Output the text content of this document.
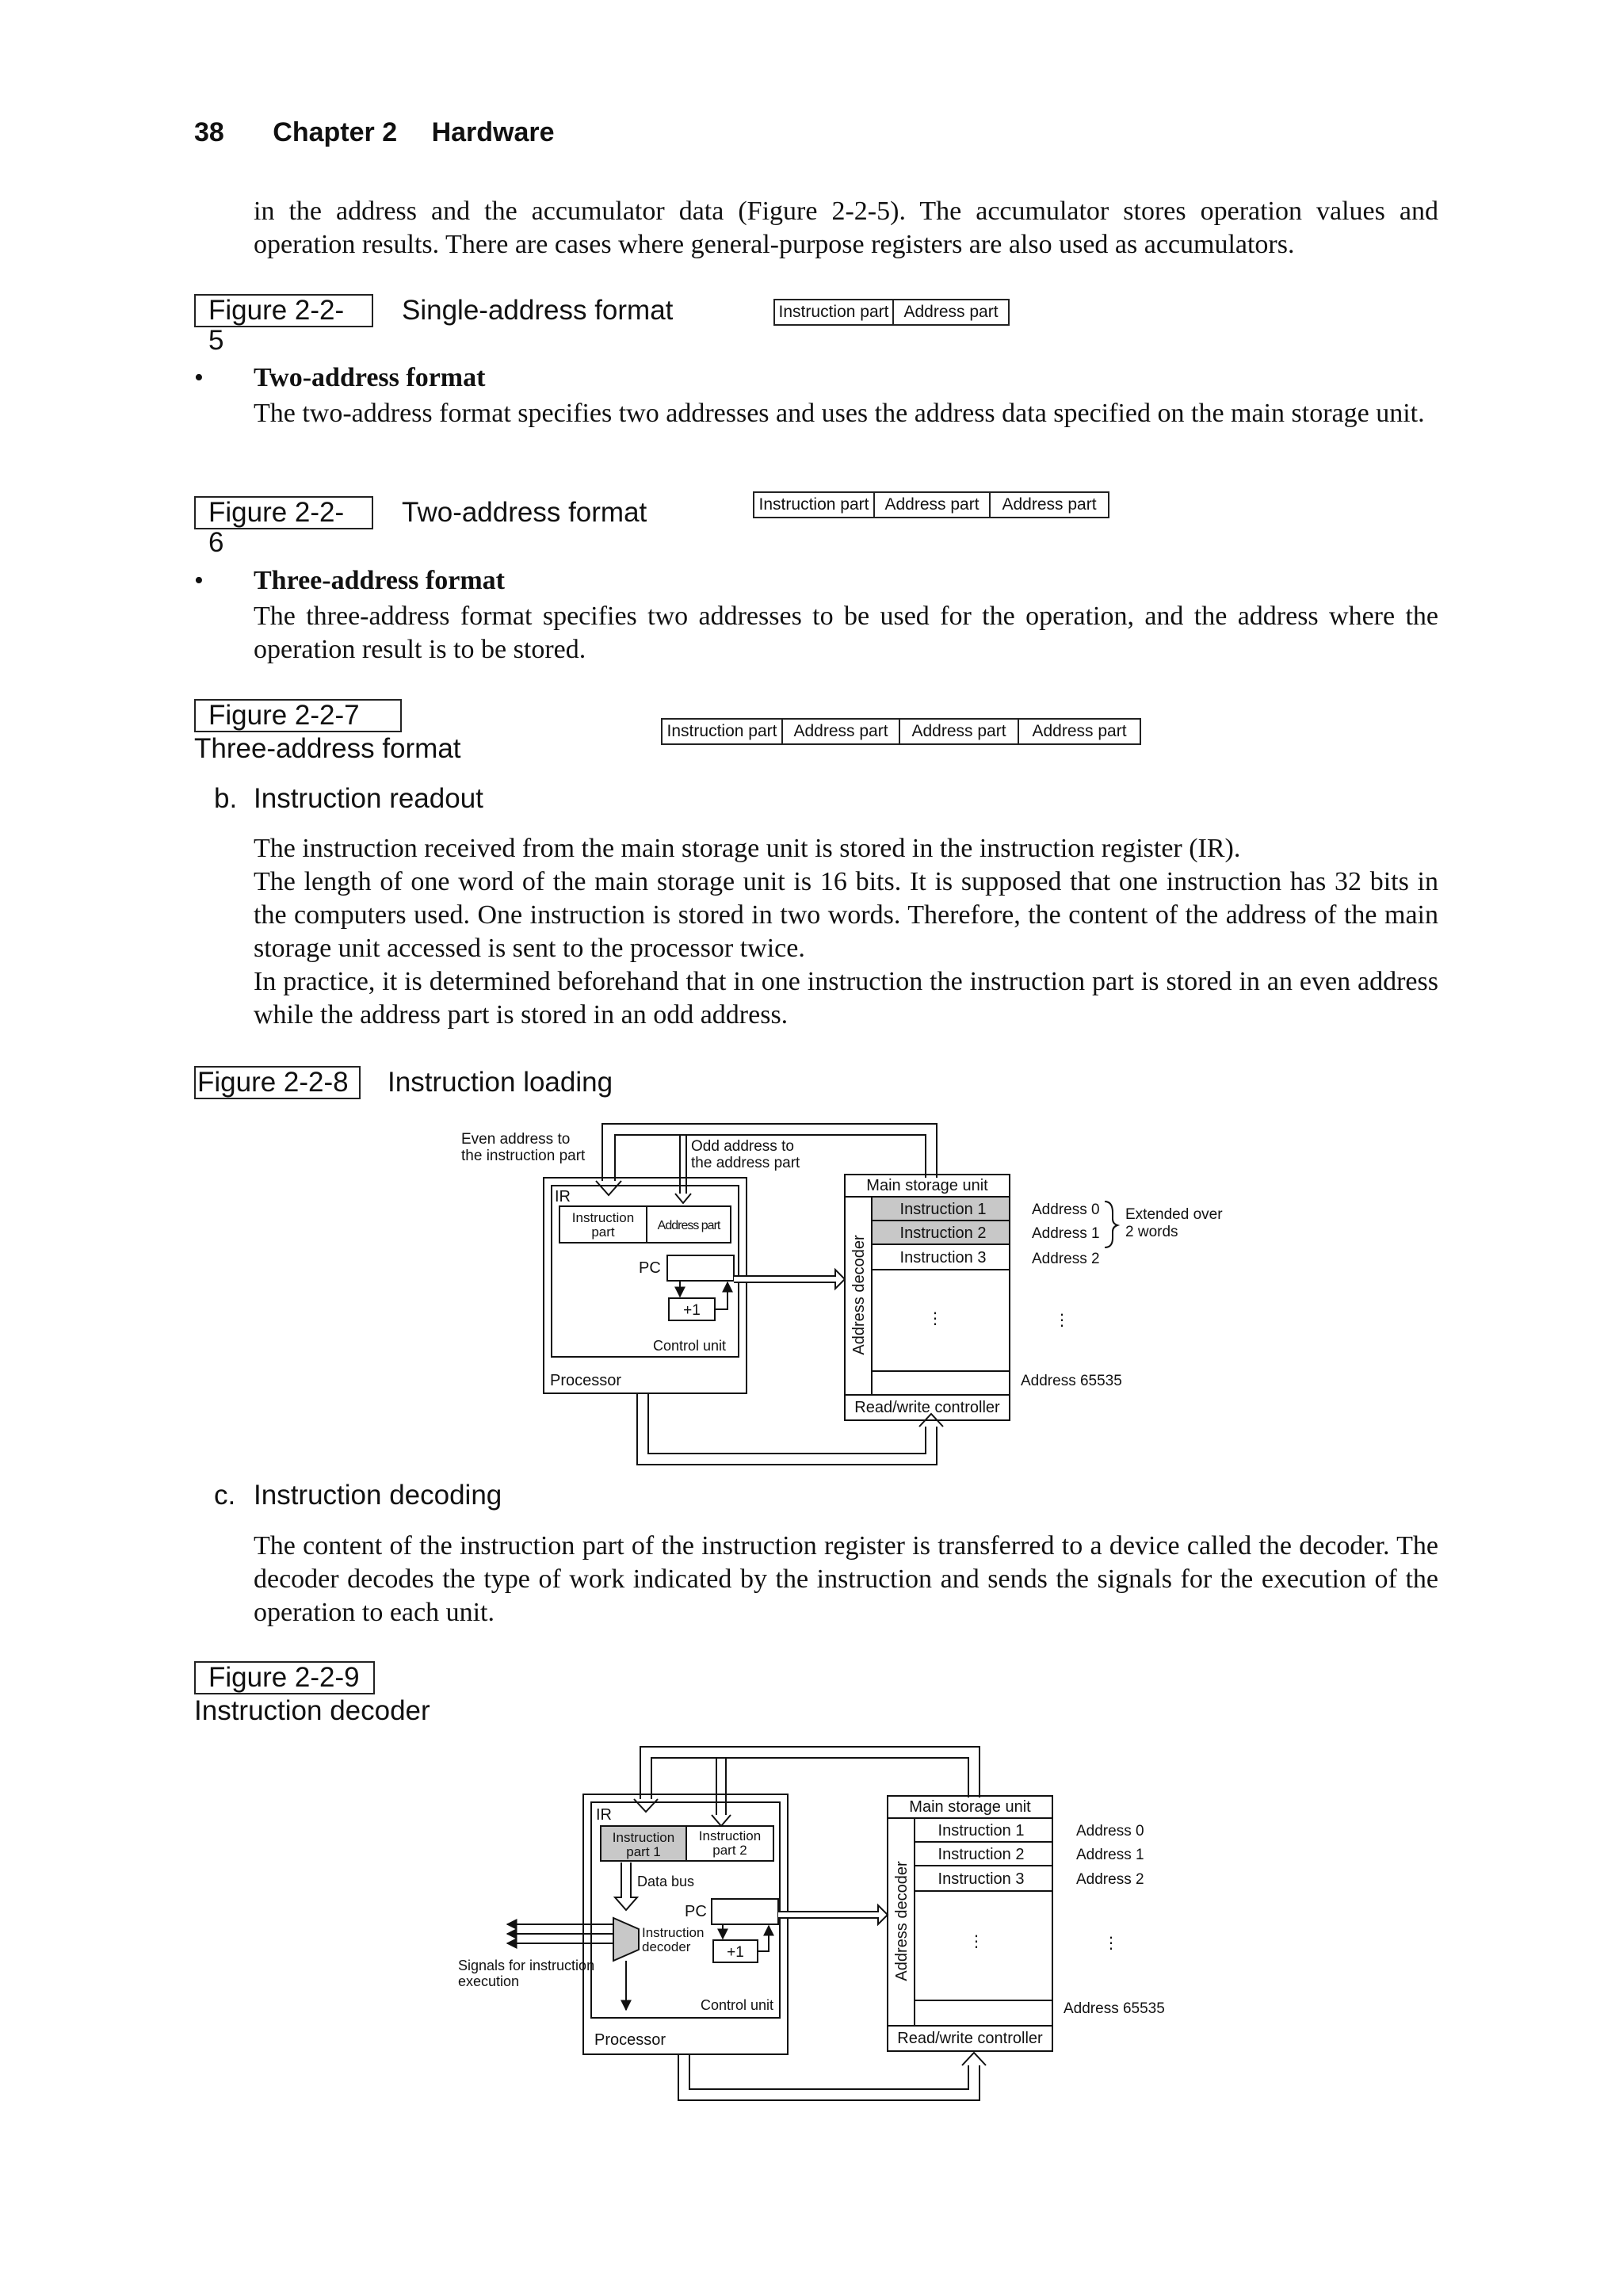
38 Chapter 2 Hardware

in the address and the accumulator data (Figure 2-2-5). The accumulator stores operation values and operation results. There are cases where general-purpose registers are also used as accumulators.

Figure 2-2-5
Single-address format	Instruction part Address part
• Two-address format

The two-address format specifies two addresses and uses the address data specified on the main storage unit.

Figure 2-2-6
Two-address format	Instruction part Address part	Address part
• Three-address format

The three-address format specifies two addresses to be used for the operation, and the address where the operation result is to be stored.

Figure 2-2-7
Three-address format
Instruction part	Address part	Address part	Address part
b. Instruction readout

The instruction received from the main storage unit is stored in the instruction register (IR).

The length of one word of the main storage unit is 16 bits. It is supposed that one instruction has 32 bits in the computers used. One instruction is stored in two words. Therefore, the content of the address of the main storage unit accessed is sent to the processor twice.

In practice, it is determined beforehand that in one instruction the instruction part is stored in an even address while the address part is stored in an odd address.

Figure 2-2-8	Instruction loading
Even address to
the instruction part
Odd address to
the address part
IR
Instruction
part	Address part
PC
+1
Control unit
Processor
Main storage unit
Address decoder
Instruction 1
Instruction 2
Instruction 3
⋮
Read/write controller
Address 0
Address 1
Address 2
⋮
Address 65535
Extended over
2 words
IR
Instruction
part 1
Instruction
part 2
Data bus
PC
+1
Instruction
decoder
Signals for instruction
execution
Control unit
Processor
Main storage unit
Address decoder
Instruction 1
Instruction 2
Instruction 3
⋮
Read/write controller
Address 0
Address 1
Address 2
⋮
Address 65535
c. Instruction decoding

The content of the instruction part of the instruction register is transferred to a device called the decoder. The decoder decodes the type of work indicated by the instruction and sends the signals for the execution of the operation to each unit.

Figure 2-2-9
Instruction decoder
